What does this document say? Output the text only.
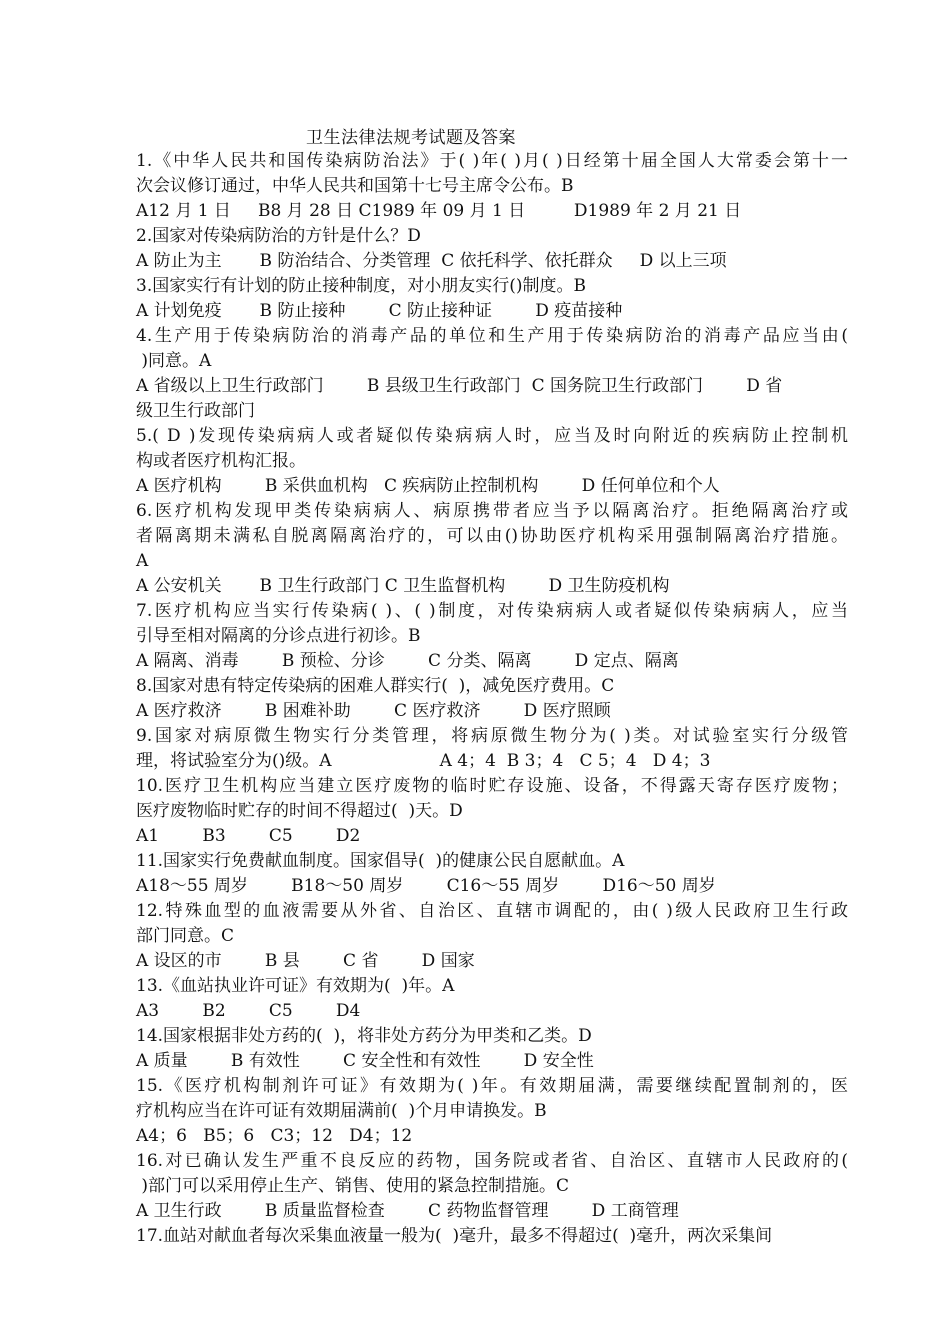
卫生法律法规考试题及答案
1.《中华人民共和国传染病防治法》于( )年( )月( )日经第十届全国人大常委会第十一
次会议修订通过，中华人民共和国第十七号主席令公布。B
A12 月 1 日     B8 月 28 日 C1989 年 09 月 1 日         D1989 年 2 月 21 日
2.国家对传染病防治的方针是什么？D
A 防止为主       B 防治结合、分类管理  C 依托科学、依托群众     D 以上三项
3.国家实行有计划的防止接种制度，对小朋友实行()制度。B
A 计划免疫       B 防止接种        C 防止接种证        D 疫苗接种
4.生产用于传染病防治的消毒产品的单位和生产用于传染病防治的消毒产品应当由(
)同意。A
A 省级以上卫生行政部门        B 县级卫生行政部门  C 国务院卫生行政部门        D 省
级卫生行政部门
5.( D )发现传染病病人或者疑似传染病病人时，应当及时向附近的疾病防止控制机
构或者医疗机构汇报。
A 医疗机构        B 采供血机构   C 疾病防止控制机构        D 任何单位和个人
6.医疗机构发现甲类传染病病人、病原携带者应当予以隔离治疗。拒绝隔离治疗或
者隔离期未满私自脱离隔离治疗的，可以由()协助医疗机构采用强制隔离治疗措施。
A
A 公安机关       B 卫生行政部门 C 卫生监督机构        D 卫生防疫机构
7.医疗机构应当实行传染病( )、( )制度，对传染病病人或者疑似传染病病人，应当
引导至相对隔离的分诊点进行初诊。B
A 隔离、消毒        B 预检、分诊        C 分类、隔离        D 定点、隔离
8.国家对患有特定传染病的困难人群实行(  )，减免医疗费用。C
A 医疗救济        B 困难补助        C 医疗救济        D 医疗照顾
9.国家对病原微生物实行分类管理，将病原微生物分为( )类。对试验室实行分级管
理，将试验室分为()级。A                    A 4；4  B 3；4   C 5；4   D 4；3
10.医疗卫生机构应当建立医疗废物的临时贮存设施、设备，不得露天寄存医疗废物；
医疗废物临时贮存的时间不得超过(  )天。D
A1        B3        C5        D2
11.国家实行免费献血制度。国家倡导(  )的健康公民自愿献血。A
A18～55 周岁        B18～50 周岁        C16～55 周岁        D16～50 周岁
12.特殊血型的血液需要从外省、自治区、直辖市调配的，由( )级人民政府卫生行政
部门同意。C
A 设区的市        B 县        C 省        D 国家
13.《血站执业许可证》有效期为(  )年。A
A3        B2        C5        D4
14.国家根据非处方药的(  )，将非处方药分为甲类和乙类。D
A 质量        B 有效性        C 安全性和有效性        D 安全性
15.《医疗机构制剂许可证》有效期为( )年。有效期届满，需要继续配置制剂的，医
疗机构应当在许可证有效期届满前(  )个月申请换发。B
A4；6   B5；6   C3；12   D4；12
16.对已确认发生严重不良反应的药物，国务院或者省、自治区、直辖市人民政府的(
)部门可以采用停止生产、销售、使用的紧急控制措施。C
A 卫生行政        B 质量监督检查        C 药物监督管理        D 工商管理
17.血站对献血者每次采集血液量一般为(  )毫升，最多不得超过(  )毫升，两次采集间
